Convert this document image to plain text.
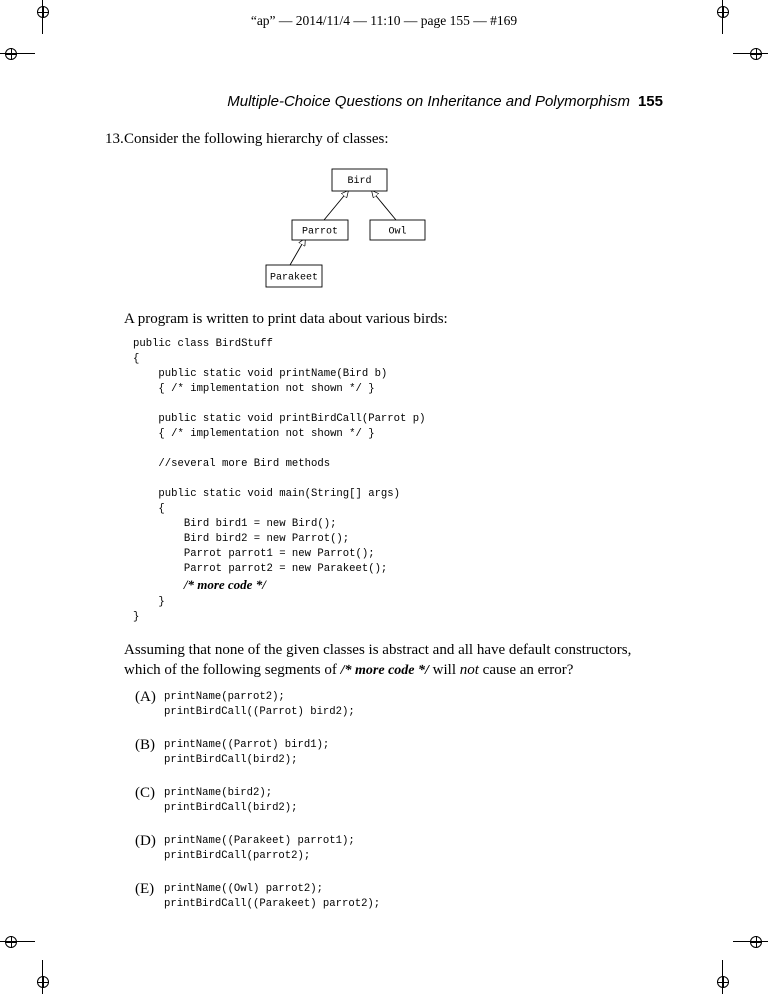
“ap” — 2014/11/4 — 11:10 — page 155 — #169
Multiple-Choice Questions on Inheritance and Polymorphism 155
13.Consider the following hierarchy of classes:
Bird
Parrot	Owl
Parakeet
A program is written to print data about various birds:
public class BirdStuff
{
public static void printName(Bird b)
{ /* implementation not shown */ }

public static void printBirdCall(Parrot p)
{ /* implementation not shown */ }

//several more Bird methods

public static void main(String[] args)
{
Bird bird1 = new Bird();
Bird bird2 = new Parrot();
Parrot parrot1 = new Parrot();
Parrot parrot2 = new Parakeet();
/* more code */
}
}
Assuming that none of the given classes is abstract and all have default constructors, which of the following segments of /* more code */ will not cause an error?
(A) printName(parrot2);
printBirdCall((Parrot) bird2);
(B) printName((Parrot) bird1);
printBirdCall(bird2);
(C) printName(bird2);
printBirdCall(bird2);
(D) printName((Parakeet) parrot1);
printBirdCall(parrot2);
(E) printName((Owl) parrot2);
printBirdCall((Parakeet) parrot2);
